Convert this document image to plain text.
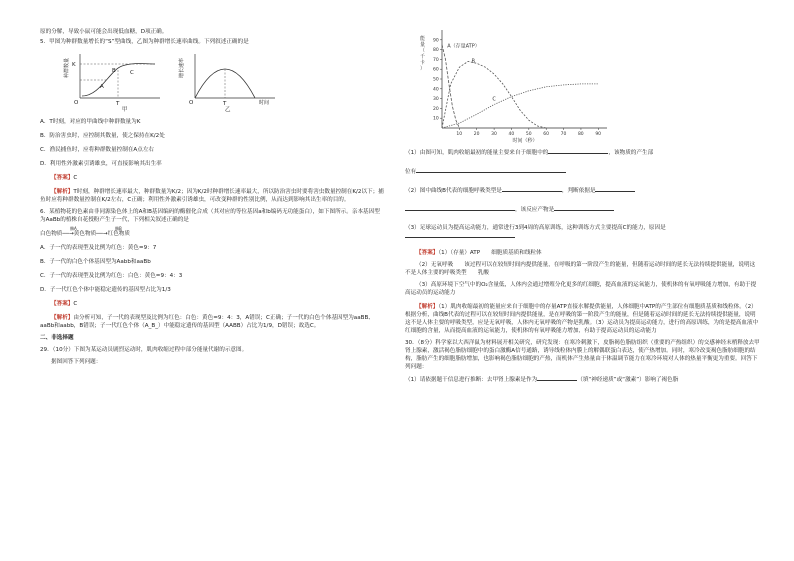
原的分解，导致小鼠可能会出现低血糖，D项正确。

5．甲图为种群数量增长的“S”型曲线，乙图为种群增长速率曲线。下列叙述正确的是

种群数量 K
C
B
A
O	T
甲
增长速率
O	T	时间
乙

A．T时刻，对应的甲曲线中种群数量为K

B．防治害虫时，应控制其数量，使之保持在K/2处

C．渔民捕鱼时，应将种群数量控制在A点左右

D．利用性外激素引诱雄虫，可直接影响其出生率

【答案】C

【解析】T时刻，种群增长速率最大，种群数量为K/2；因为K/2时种群增长速率最大，所以防治害虫时要将害虫数量控制在K/2以下；捕鱼时应将种群数量控制在K/2左右，C正确；利用性外激素引诱雄虫，可改变种群的性别比例，从而达到影响其出生率的目的。

6．某植物花的色素由非同源染色体上的A和B基因编码的酶催化合成（其对应的等位基因a和b编码无功能蛋白），如下图所示。亲本基因型为AaBb的植株自花授粉产生子一代，下列相关叙述正确的是

白色物质──→黄色物质──→红色物质
酶A	酶B

A．子一代的表现型及比例为红色：黄色=9：7

B．子一代的白色个体基因型为Aabb和aaBb

C．子一代的表现型及比例为红色：白色：黄色=9：4：3

D．子一代红色个体中能稳定遗传的基因型占比为1/3

【答案】C

【解析】由分析可知，子一代的表现型及比例为红色：白色：黄色=9：4：3，A错误；C正确；子一代的白色个体基因型为aaBB、aaBb和aabb，B错误；子一代红色个体（A_B_）中能稳定遗传的基因型（AABB）占比为1/9，D错误；故选C。

二、非选择题

29．（10分）下图为某运动员剧烈运动时，肌肉收缩过程中部分能量代谢的示意图。

据图回答下列问题：

10	20	30	40	50	60	70	80	90
10
20
30
40
50
60
70
80
90
能
量
（
千
卡
）
时间（秒）
A（存量ATP）
B
C

（1）由图可知，肌肉收缩最初的能量主要来自于细胞中的	，该物质的产生部

位有

（2）图中曲线B代表的细胞呼吸类型是	，判断依据是

，该反应产物是

（3）足球运动员为提高运动能力，通常进行3到4周的高原训练，这种训练方式主要提高C的能力，原因是

【答案】（1）（存量）ATP　　细胞质基质和线粒体

（2）无氧呼吸　　该过程可以在较短时间内提供能量，在呼吸的第一阶段产生的能量，但随着运动时间的延长无法持续提供能量，说明这不是人体主要的呼吸类型　　乳酸

（3）高原环境下空气中的O₂含量低，人体内会通过增殖分化更多的红细胞，提高血液的运氧能力，使机体的有氧呼吸能力增加，有助于提高运动员的运动能力

【解析】（1）肌肉收缩最初的能量应来自于细胞中的存量ATP直接水解提供能量，人体细胞中ATP的产生部位有细胞质基质和线粒体。（2）根据分析，曲线B代表的过程可以在较短时间内提供能量，是在呼吸的第一阶段产生的能量，但是随着运动时间的延长无法持续提供能量，说明这不是人体主要的呼吸类型，应是无氧呼吸，人体内无氧呼吸的产物是乳酸。（3）运动员为提高运动能力，进行的高原训练，为的是提高血液中红细胞的含量，从而提高血液的运氧能力，使机体的有氧呼吸能力增加，有助于提高运动员的运动能力

30．（8分）科学家以大西洋鼠为材料展开相关研究，研究发现：在寒冷刺激下，皮脂褐色脂肪组织（重要的产热组织）的交感神经末梢释放去甲肾上腺素，激活褐色脂肪细胞中的蛋白激酶A信号通路，诱导线粒体内膜上的解偶联蛋白表达，使产热增加。同时，寒冷改变褐色脂肪细胞的结构，脂肪产生的细胞脂肪增加，也影响褐色脂肪细胞的产热，而机体产生热量由于体温调节能力在寒冷环境对人体的热量平衡更为重要。回答下列问题：

（1）请依据题干信息进行推断：去甲肾上腺素是作为	（填“神经递质”或“激素”）影响了褐色脂
